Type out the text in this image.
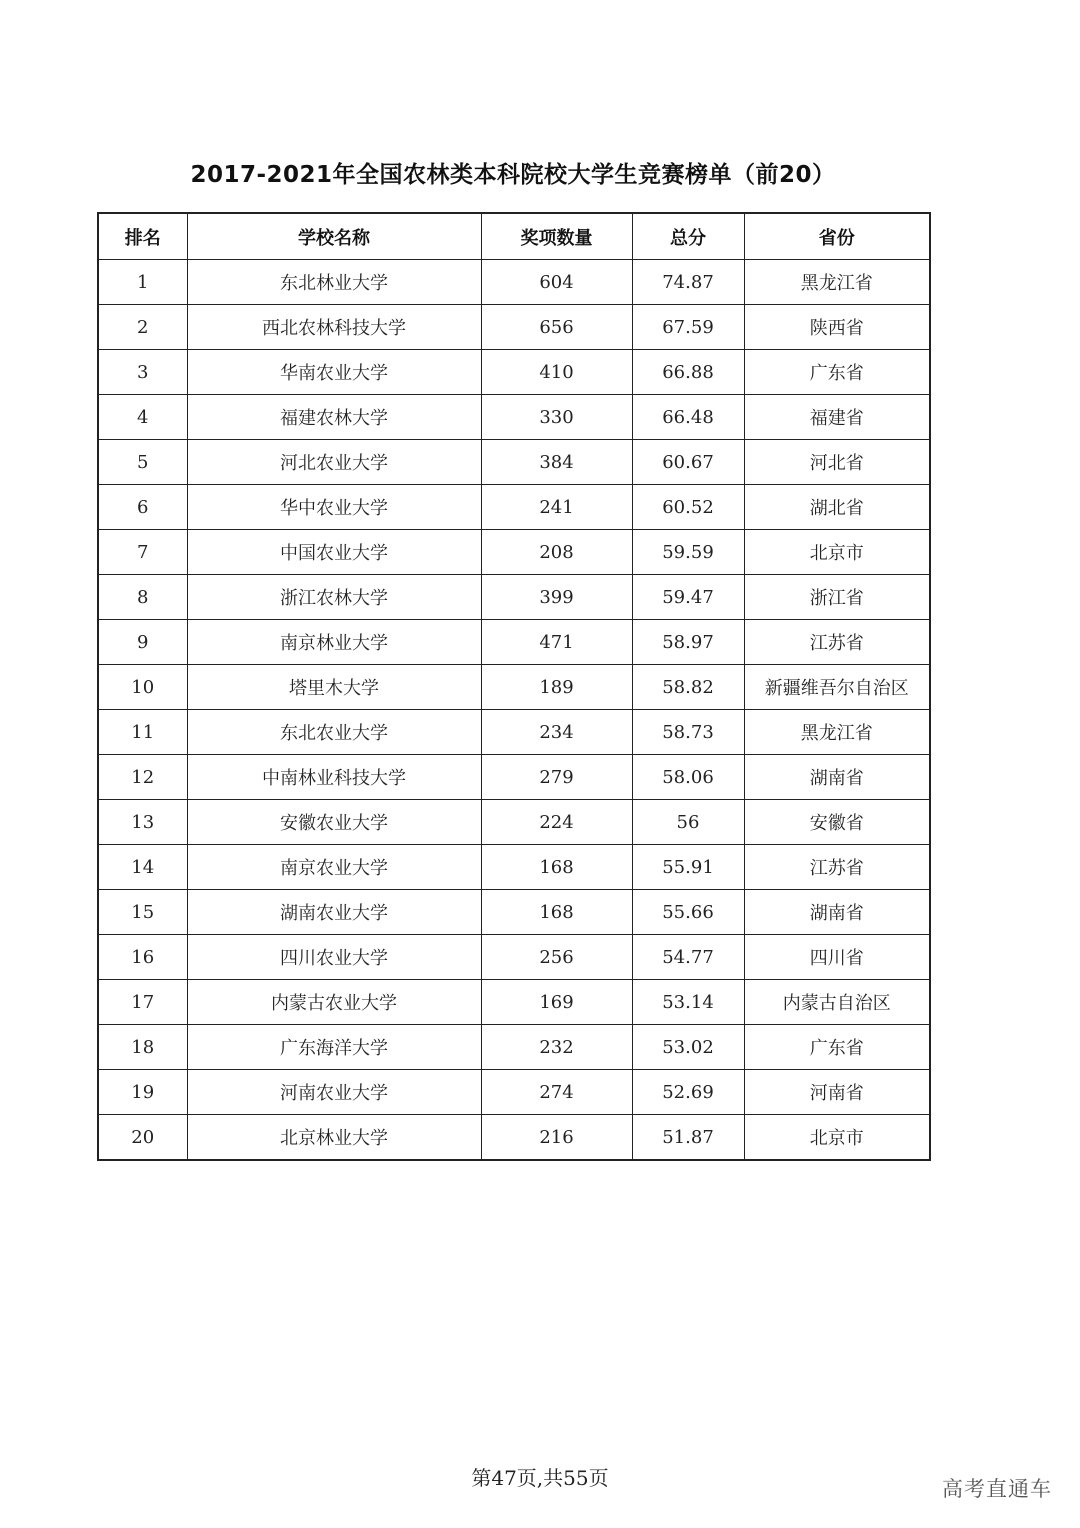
2017-2021年全国农林类本科院校大学生竞赛榜单（前20）
排名	学校名称	奖项数量	总分	省份
1	东北林业大学	604	74.87	黑龙江省
2	西北农林科技大学	656	67.59	陕西省
3	华南农业大学	410	66.88	广东省
4	福建农林大学	330	66.48	福建省
5	河北农业大学	384	60.67	河北省
6	华中农业大学	241	60.52	湖北省
7	中国农业大学	208	59.59	北京市
8	浙江农林大学	399	59.47	浙江省
9	南京林业大学	471	58.97	江苏省
10	塔里木大学	189	58.82	新疆维吾尔自治区
11	东北农业大学	234	58.73	黑龙江省
12	中南林业科技大学	279	58.06	湖南省
13	安徽农业大学	224	56	安徽省
14	南京农业大学	168	55.91	江苏省
15	湖南农业大学	168	55.66	湖南省
16	四川农业大学	256	54.77	四川省
17	内蒙古农业大学	169	53.14	内蒙古自治区
18	广东海洋大学	232	53.02	广东省
19	河南农业大学	274	52.69	河南省
20	北京林业大学	216	51.87	北京市
第47页,共55页	高考直通车
